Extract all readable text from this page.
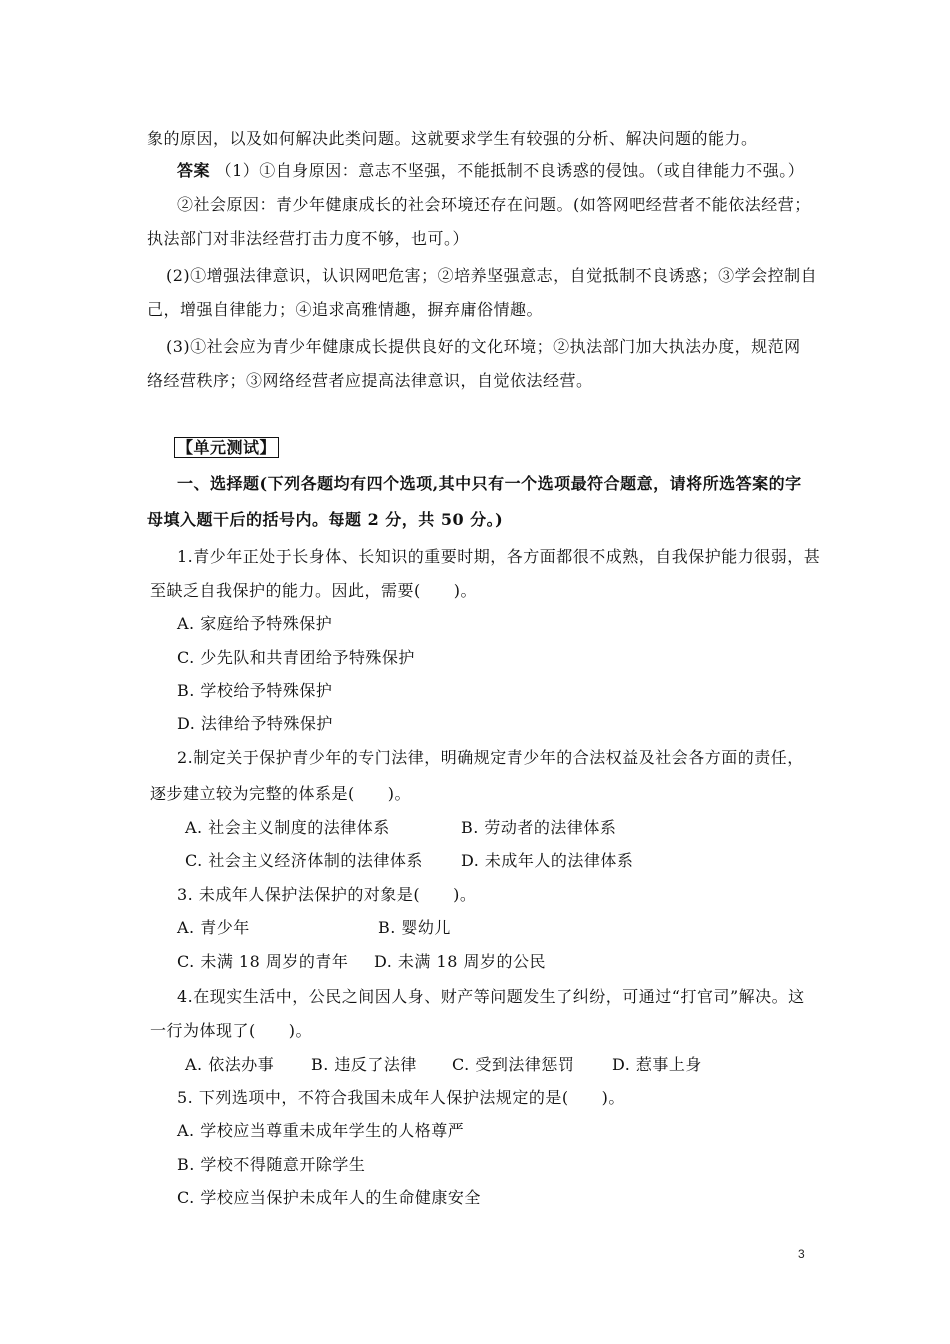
象的原因，以及如何解决此类问题。这就要求学生有较强的分析、解决问题的能力。
答案 （1）①自身原因：意志不坚强，不能抵制不良诱惑的侵蚀。（或自律能力不强。）
②社会原因：青少年健康成长的社会环境还存在问题。(如答网吧经营者不能依法经营；
执法部门对非法经营打击力度不够，也可。）
(2)①增强法律意识，认识网吧危害；②培养坚强意志，自觉抵制不良诱惑；③学会控制自
己，增强自律能力；④追求高雅情趣，摒弃庸俗情趣。
(3)①社会应为青少年健康成长提供良好的文化环境；②执法部门加大执法办度，规范网
络经营秩序；③网络经营者应提高法律意识，自觉依法经营。
【单元测试】
一、选择题(下列各题均有四个选项,其中只有一个选项最符合题意，请将所选答案的字
母填入题干后的括号内。每题 2 分，共 50 分。)
1.青少年正处于长身体、长知识的重要时期，各方面都很不成熟，自我保护能力很弱，甚
至缺乏自我保护的能力。因此，需要(　　)。
A. 家庭给予特殊保护
C. 少先队和共青团给予特殊保护
B. 学校给予特殊保护
D. 法律给予特殊保护
2.制定关于保护青少年的专门法律，明确规定青少年的合法权益及社会各方面的责任，
逐步建立较为完整的体系是(　　)。
A. 社会主义制度的法律体系	B. 劳动者的法律体系
C. 社会主义经济体制的法律体系 D. 未成年人的法律体系
3. 未成年人保护法保护的对象是(　　)。
A. 青少年	B. 婴幼儿
C. 未满 18 周岁的青年 D. 未满 18 周岁的公民
4.在现实生活中，公民之间因人身、财产等问题发生了纠纷，可通过“打官司”解决。这
一行为体现了(　　)。
A. 依法办事 B. 违反了法律 C. 受到法律惩罚 D. 惹事上身
5. 下列选项中，不符合我国未成年人保护法规定的是(　　)。
A. 学校应当尊重未成年学生的人格尊严
B. 学校不得随意开除学生
C. 学校应当保护未成年人的生命健康安全
3
